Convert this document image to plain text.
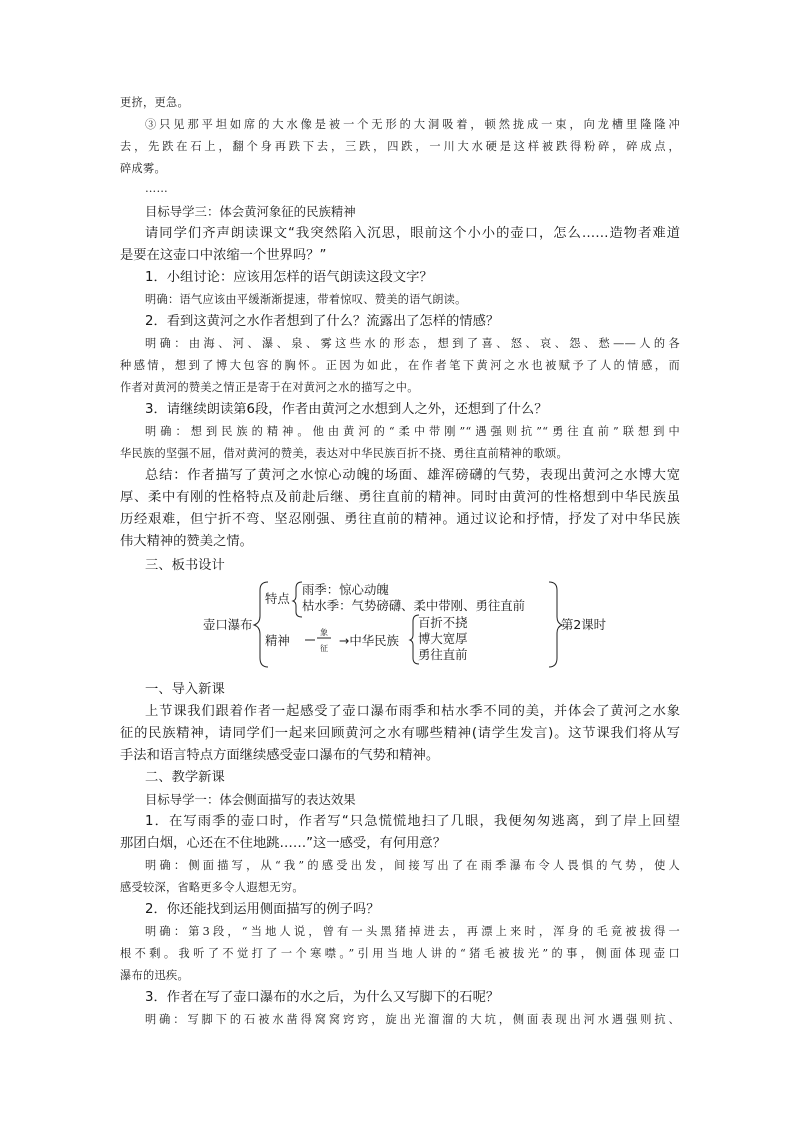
更挤，更急。
③只见那平坦如席的大水像是被一个无形的大洞吸着，顿然拢成一束，向龙槽里隆隆冲
去，先跌在石上，翻个身再跌下去，三跌，四跌，一川大水硬是这样被跌得粉碎，碎成点，
碎成雾。
……
目标导学三：体会黄河象征的民族精神
请同学们齐声朗读课文“我突然陷入沉思，眼前这个小小的壶口，怎么……造物者难道
是要在这壶口中浓缩一个世界吗？”
1．小组讨论：应该用怎样的语气朗读这段文字？
明确：语气应该由平缓渐渐提速，带着惊叹、赞美的语气朗读。
2．看到这黄河之水作者想到了什么？流露出了怎样的情感？
明确：由海、河、瀑、泉、雾这些水的形态，想到了喜、怒、哀、怨、愁——人的各
种感情，想到了博大包容的胸怀。正因为如此，在作者笔下黄河之水也被赋予了人的情感，而
作者对黄河的赞美之情正是寄于在对黄河之水的描写之中。
3．请继续朗读第6段，作者由黄河之水想到人之外，还想到了什么？
明确：想到民族的精神。他由黄河的“柔中带刚”“遇强则抗”“勇往直前”联想到中
华民族的坚强不屈，借对黄河的赞美，表达对中华民族百折不挠、勇往直前精神的歌颂。
总结：作者描写了黄河之水惊心动魄的场面、雄浑磅礴的气势，表现出黄河之水博大宽
厚、柔中有刚的性格特点及前赴后继、勇往直前的精神。同时由黄河的性格想到中华民族虽
历经艰难，但宁折不弯、坚忍刚强、勇往直前的精神。通过议论和抒情，抒发了对中华民族
伟大精神的赞美之情。
三、板书设计
壶口瀑布
特点
雨季：惊心动魄
枯水季：气势磅礴、柔中带刚、勇往直前
精神
象
征
→中华民族
百折不挠
博大宽厚
勇往直前
第2课时
一、导入新课
上节课我们跟着作者一起感受了壶口瀑布雨季和枯水季不同的美，并体会了黄河之水象
征的民族精神，请同学们一起来回顾黄河之水有哪些精神(请学生发言)。这节课我们将从写
手法和语言特点方面继续感受壶口瀑布的气势和精神。
二、教学新课
目标导学一：体会侧面描写的表达效果
1．在写雨季的壶口时，作者写“只急慌慌地扫了几眼，我便匆匆逃离，到了岸上回望
那团白烟，心还在不住地跳……”这一感受，有何用意？
明确：侧面描写，从“我”的感受出发，间接写出了在雨季瀑布令人畏惧的气势，使人
感受较深，省略更多令人遐想无穷。
2．你还能找到运用侧面描写的例子吗？
明确：第3段，“当地人说，曾有一头黑猪掉进去，再漂上来时，浑身的毛竟被拔得一
根不剩。我听了不觉打了一个寒噤。”引用当地人讲的“猪毛被拔光”的事，侧面体现壶口
瀑布的迅疾。
3．作者在写了壶口瀑布的水之后，为什么又写脚下的石呢？
明确：写脚下的石被水凿得窝窝窍窍，旋出光溜溜的大坑，侧面表现出河水遇强则抗、
